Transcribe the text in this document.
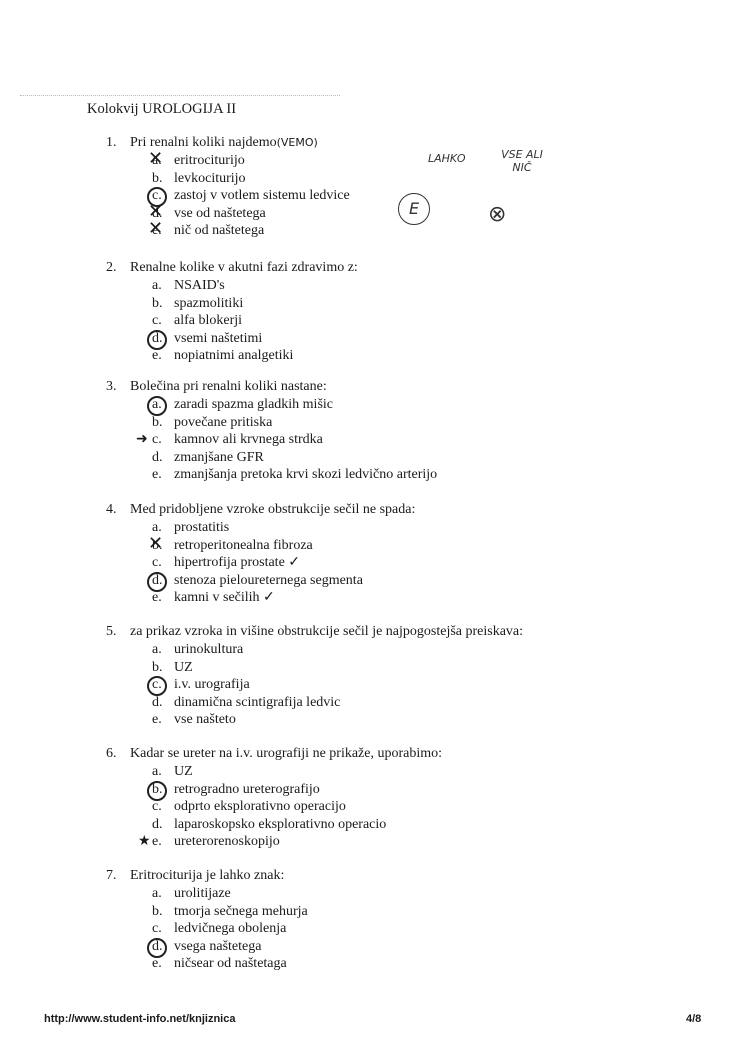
Kolokvij UROLOGIJA II
1. Pri renalni koliki najdemo(VEMO)
a. ✕ eritrociturijo
b. levkociturijo
c. zastoj v votlem sistemu ledvice
d. ✕ vse od naštetega
e. ✕ nič od naštetega
2. Renalne kolike v akutni fazi zdravimo z:
a. NSAID's
b. spazmolitiki
c. alfa blokerji
d. vsemi naštetimi
e. nopiatnimi analgetiki
3. Bolečina pri renalni koliki nastane:
a. zaradi spazma gladkih mišic
b. povečane pritiska
➜ c. kamnov ali krvnega strdka
d. zmanjšane GFR
e. zmanjšanja pretoka krvi skozi ledvično arterijo
4. Med pridobljene vzroke obstrukcije sečil ne spada:
a. prostatitis
b. ✕ retroperitonealna fibroza
c. hipertrofija prostate ✓
d. stenoza pieloureternega segmenta
e. kamni v sečilih ✓
5. za prikaz vzroka in višine obstrukcije sečil je najpogostejša preiskava:
a. urinokultura
b. UZ
c. i.v. urografija
d. dinamična scintigrafija ledvic
e. vse našteto
6. Kadar se ureter na i.v. urografiji ne prikaže, uporabimo:
a. UZ
b. retrogradno ureterografijo
c. odprto eksplorativno operacijo
d. laparoskopsko eksplorativno operacio
★ e. ureterorenoskopijo
7. Eritrociturija je lahko znak:
a. urolitijaze
b. tmorja sečnega mehurja
c. ledvičnega obolenja
d. vsega naštetega
e. ničsear od naštetaga
LAHKO	VSE ALI NIČ
E	⊗
http://www.student-info.net/knjiznica	4/8
